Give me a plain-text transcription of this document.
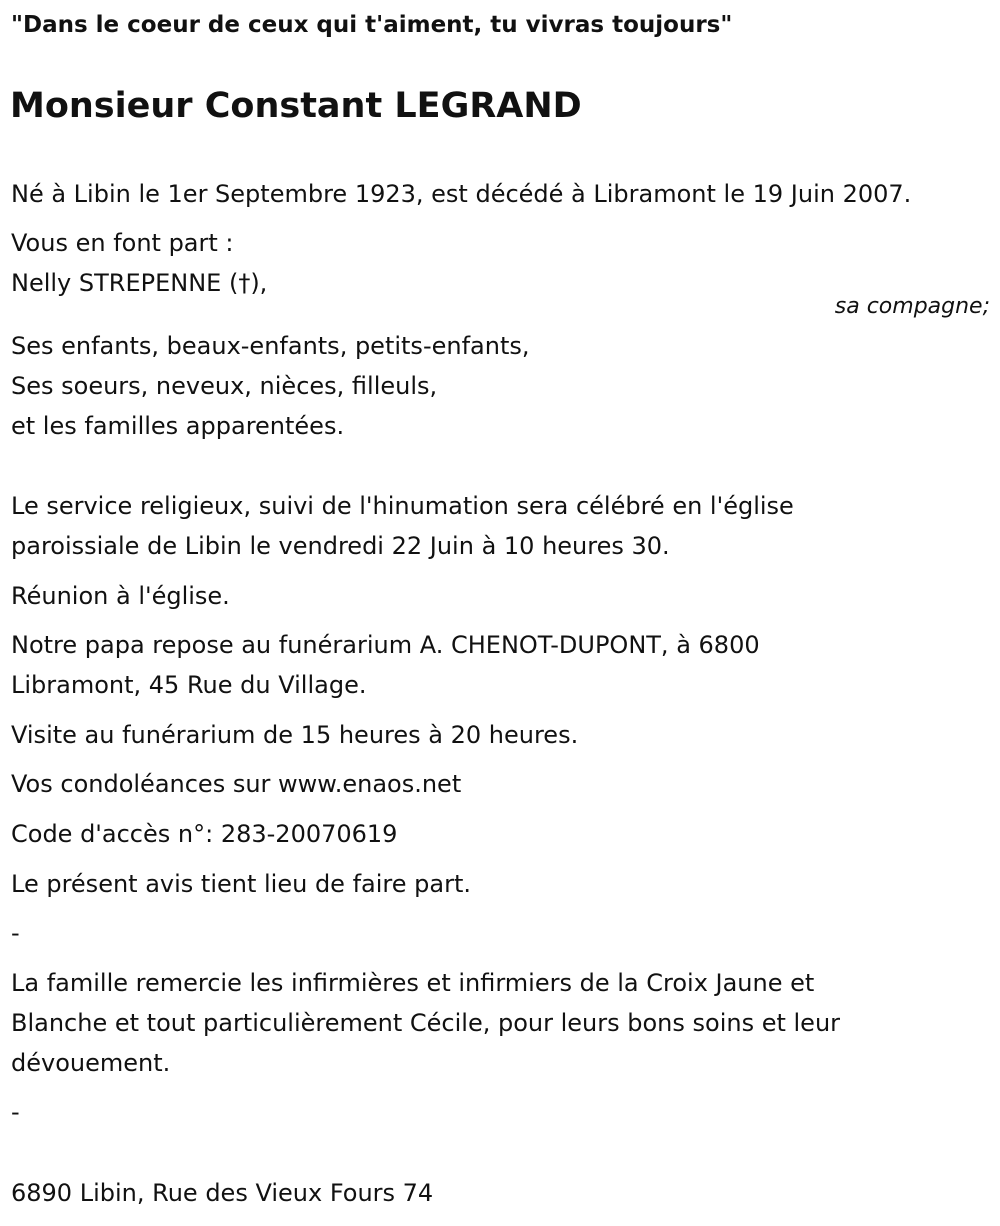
"Dans le coeur de ceux qui t'aiment, tu vivras toujours"

Monsieur Constant LEGRAND

Né à Libin le 1er Septembre 1923, est décédé à Libramont le 19 Juin 2007.

Vous en font part :

Nelly STREPENNE (†),

sa compagne;

Ses enfants, beaux-enfants, petits-enfants,

Ses soeurs, neveux, nièces, filleuls,

et les familles apparentées.

Le service religieux, suivi de l'hinumation sera célébré en l'église

paroissiale de Libin le vendredi 22 Juin à 10 heures 30.

Réunion à l'église.

Notre papa repose au funérarium A. CHENOT-DUPONT, à 6800

Libramont, 45 Rue du Village.

Visite au funérarium de 15 heures à 20 heures.

Vos condoléances sur www.enaos.net

Code d'accès n°: 283-20070619

Le présent avis tient lieu de faire part.

-

La famille remercie les infirmières et infirmiers de la Croix Jaune et

Blanche et tout particulièrement Cécile, pour leurs bons soins et leur

dévouement.

-

6890 Libin, Rue des Vieux Fours 74
